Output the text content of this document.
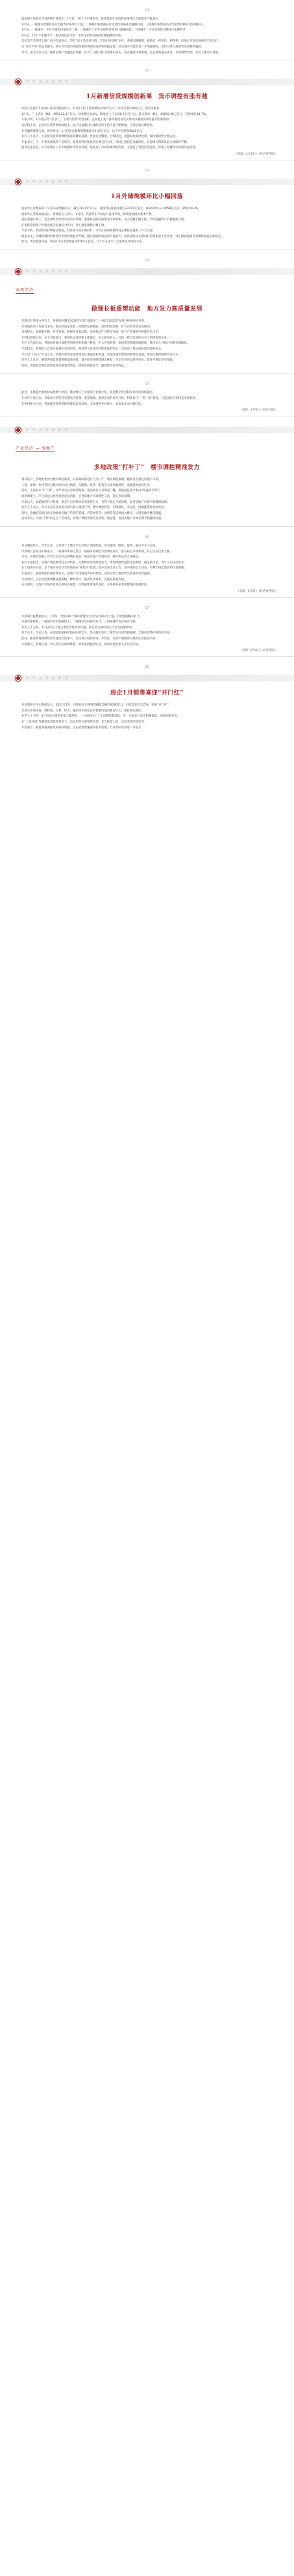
11

国家统计局城市司首席统计师指出，1月份，70个大中城市中，新建商品住宅销售价格环比上涨城市个数减少。

1月份，一线城市新建商品住宅销售价格环比上涨，二线城市新建商品住宅销售价格环比涨幅回落，三线城市新建商品住宅销售价格环比由降转升。

1月份，一线城市二手住宅销售价格环比上涨，二线城市二手住宅销售价格环比涨幅回落，三线城市二手住宅销售价格环比由降转升。

1月份，70个大中城市中，新建商品住宅和二手住宅销售价格同比涨幅继续回落。

房价是否会继续上涨？业内专家表示，坚持“房子是用来住的、不是用来炒的”定位，各地因城施策，稳地价、稳房价、稳预期，房地产市场总体保持平稳运行。

在“房住不炒”的总基调下，预计今年楼市调控政策仍将保持连续性和稳定性，热点城市可能会进一步加强调控，房价过快上涨的势头将得到遏制。

另外，部分专家认为，随着房地产金融监管加强，以及“三道红线”等政策的落实，房企融资环境收紧，房企将加速去库存，市场供给增加，房价上涨动力减弱。

12
中 外 企 业 家 参 考
1月新增信贷规模创新高　货币调控有张有弛

中国人民银行2月10日发布的数据显示，1月份人民币贷款增加3.58万亿元，同比多增2189亿元，创历史新高。

1月末，广义货币（M2）余额221.3万亿元，同比增长9.4%，增速比上月末低0.7个百分点。狭义货币（M1）余额62.56万亿元，同比增长14.7%。

专家分析，1月份信贷“开门红”，主要受到季节性因素、企业复工复产持续推进以及实体经济融资需求旺盛等因素推动。

从结构上看，企业中长期贷款增加较多，显示出金融对实体经济的支持力度不断增强，信贷结构持续优化。

社会融资规模方面，初步统计，1月份社会融资规模增量为5.17万亿元，比上年同期多9842亿元。

业内人士认为，未来货币政策将继续保持稳健的基调，更加灵活精准、合理适度，把握好政策时度效，保持流动性合理充裕。

专家表示，下一步货币政策将不急转弯，保持对经济恢复的必要支持力度，同时注意防范金融风险，在稳增长和防风险之间取得平衡。

值得关注的是，央行近期在公开市场操作中有张有弛，既满足了市场的流动性需求，又避免了资金过度宽松，体现了稳健货币政策的灵活性。

（来源：2月10日《经济参考报》）
13
中 外 企 业 家 参 考
1月外储规模环比小幅回落

国家外汇管理局2月7日发布的数据显示，截至2021年1月末，我国外汇储备规模为32107亿美元，较2020年末下降58亿美元，降幅为0.2%。

国家外汇管理局副局长、新闻发言人表示，1月份，我国外汇市场运行总体平稳，跨境资金流动基本平衡。

国际金融市场上，受主要经济体货币政策及预期、全球新冠肺炎疫情等因素影响，美元指数小幅上涨，全球金融资产价格涨跌互现。

汇率折算和资产价格变化等因素综合作用，外汇储备规模小幅下降。

专家分析，我国经济持续稳定恢复，经济基本面长期向好，为外汇储备规模保持总体稳定提供了有力支撑。

展望未来，全球疫情和世界经济形势仍然复杂严峻，国际金融市场波动可能加大，但我国经济长期向好的基本面不会改变，外汇储备规模有望继续保持总体稳定。

此外，黄金储备方面，我国1月末黄金储备为6264万盎司，与上月末持平，已连续多月保持不变。

14
中 外 企 业 家 参 考
宏观经济
做强长板重塑动能　地方发力高质量发展

近期召开的地方两会上，各地纷纷晒出2020年经济“成绩单”，并提出2021年发展目标和重点任务。

从各地政府工作报告来看，推动高质量发展、构建新发展格局、加快科技创新、扩大内需等成为高频词。

多地提出，要做强长板、补齐短板，积极培育新动能，加快推动产业转型升级，提升产业链供应链现代化水平。

在科技创新方面，多个省份提出，要强化企业创新主体地位，加大研发投入，打造一批具有国际竞争力的创新型企业。

在扩大内需方面，各地纷纷提出要促进消费回补和潜力释放，扩大有效投资，加快新型基础设施建设，推进以人为核心的新型城镇化。

专家指出，各地结合自身实际制定发展目标，既体现了对经济持续恢复的信心，也体现了推动高质量发展的决心。

今年是“十四五”开局之年，各地在谋划发展时更加注重质量和效益，更加注重创新驱动和绿色发展，更加注重保障和改善民生。

业内人士认为，随着各项政策措施的落地见效，地方经济将持续稳定恢复，为全年经济发展开好局、起好步奠定坚实基础。

同时，各地也需要注意防范和化解各类风险，统筹发展和安全，确保经济行稳致远。

15

此外，多地提出要加快发展数字经济，推动数字产业化和产业数字化，促进数字经济和实体经济深度融合。

在对外开放方面，各地表示将坚持实施更大范围、更宽领域、更深层次的对外开放，积极参与“一带一路”建设，打造国际合作和竞争新优势。

在乡村振兴方面，各地提出要巩固拓展脱贫攻坚成果，全面推进乡村振兴，加快农业农村现代化。

（来源：2月9日《经济日报》）
中 外 企 业 家 参 考
产业经济 → 房地产
多地政策“打补丁”　楼市调控精准发力

春节前夕，多地密集出台楼市调控政策，对前期政策进行“打补丁”，堵住调控漏洞，精准发力稳定房地产市场。

上海、深圳、杭州等热点城市纷纷出台新政，从限购、限贷、限售等方面加强调控，遏制投机炒房行为。

其中，上海发布“沪十条”，从严执行住房限购政策，提高离异人员购房门槛，增值税征免年限由2年提高至5年。

深圳则建立二手住房成交参考价格发布机制，引导房地产市场理性交易，稳定市场预期。

专家认为，此轮调控针对性强，重点打击投机炒房等违规行为，有利于稳定市场预期，促进房地产市场平稳健康发展。

业内人士表示，预计未来还将有更多城市加入调控行列，楼市调控将进一步精准化、差异化，因城施策将更加突出。

同时，金融监管部门也在加强对房地产信贷的管理，严防经营贷、消费贷等违规流入楼市，从资金端为楼市降温。

总体来看，“房住不炒”的定位不会改变，房地产调控将保持连续性、稳定性，促进房地产市场长期平稳健康发展。

16

有关数据显示，今年以来，已有数十个城市出台房地产调控政策，涉及限购、限贷、限售、限价等多个方面。

中原地产首席分析师表示，一线城市和部分热点二线城市的调控力度明显加大，意在稳定市场预期，防止房价过快上涨。

另外，多地还加强了对学区房等热点领域的监管，规范房地产市场秩序，维护购房者合法权益。

业内专家指出，房地产调控要坚持长效机制，从供给和需求两端发力，增加保障性租赁住房供给，满足新市民、青年人的住房需求。

在土地供应方面，多个城市实行住宅用地供应“两集中”政策，集中发布出让公告，集中组织出让活动，有利于稳定地价和市场预期。

专家预计，随着调控政策持续发力，房地产市场将逐步回归理性，房价过快上涨的势头将得到有效遏制。

与此同时，房企也需要调整发展策略，降低杠杆，提高经营效率，实现高质量发展。

从长期看，房地产市场将更加注重居住属性，投资属性将逐步弱化，市场将迎来更加健康的发展阶段。

（来源：2月9日《经济参考报》）
17

中指研究院数据显示，1月份，全国100个城市新建住宅平均价格环比上涨，同比涨幅略有扩大。

从城市能级看，一线城市房价涨幅较大，二线城市房价稳中有升，三四线城市房价相对平稳。

业内人士分析，1月份房价上涨主要受市场需求旺盛、部分热点城市供应不足等因素影响。

对于后市，专家认为，在调控政策持续加码的背景下，热点城市房价上涨势头有望得到遏制，全国房价整体将保持平稳。

此外，随着各地保障性住房建设力度加大，住房供应结构将进一步优化，有助于缓解部分城市住房供需矛盾。

专家建议，各地应进一步完善住房保障体系，加快发展租赁住房，推动实现全体人民住有所居。

（来源：2月8日《证券时报》）
18
中 外 企 业 家 参 考
房企1月销售喜迎“开门红”

克而瑞研究中心数据显示，2021年1月，百强房企实现销售操盘金额约9500亿元，同比增长约125%，迎来“开门红”。

从单月业绩来看，碧桂园、万科、恒大、融创等头部房企销售额均超过数百亿元，保持领先地位。

业内人士分析，1月份房企销售业绩大幅增长，一方面是由于上年同期基数较低，另一方面也与房企积极推盘、加快回款有关。

在“三道红线”等融资监管政策背景下，房企更加注重销售回款，加大推盘力度，以改善现金流状况。

专家预计，随着各地调控政策持续收紧，房企销售增速或将有所放缓，行业集中度将进一步提升。
